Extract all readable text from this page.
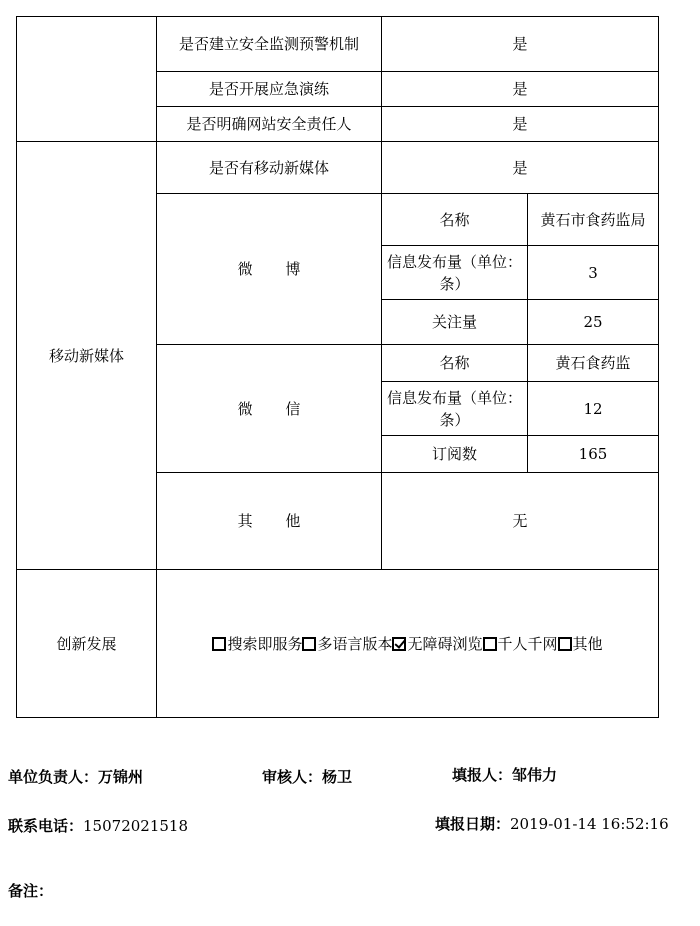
	是否建立安全监测预警机制	是	
	是否开展应急演练	是	
	是否明确网站安全责任人	是	
移动新媒体	是否有移动新媒体	是	
	微 博	名称	黄石市食药监局
		信息发布量（单位：条）	3
		关注量	25
	微 信	名称	黄石食药监
		信息发布量（单位：条）	12
		订阅数	165
	其 他	无	
创新发展	搜索即服务 多语言版本 无障碍浏览 千人千网 其他		
单位负责人：万锦州	审核人：杨卫	填报人：邹伟力
联系电话：15072021518	填报日期：2019-01-14 16:52:16
备注：
